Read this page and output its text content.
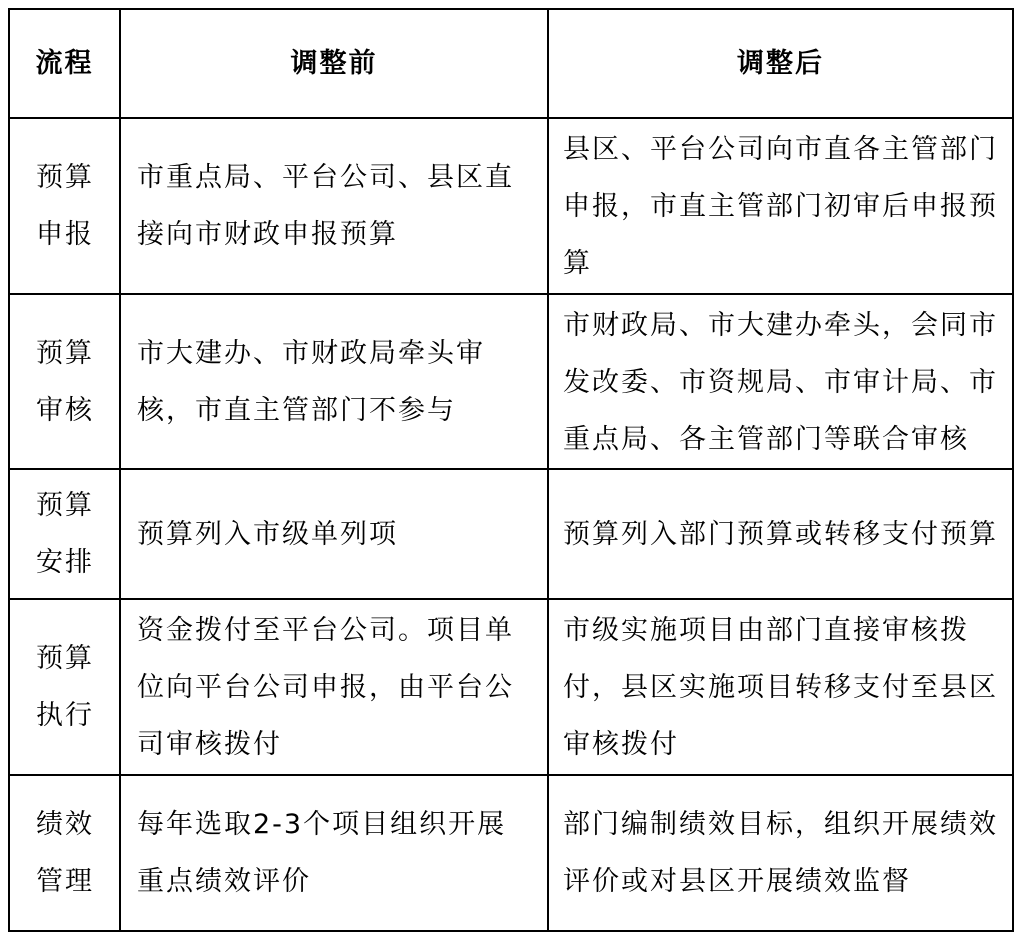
流程	调整前	调整后

预算申报	市重点局、平台公司、县区直接向市财政申报预算	县区、平台公司向市直各主管部门申报，市直主管部门初审后申报预算

预算审核	市大建办、市财政局牵头审核，市直主管部门不参与	市财政局、市大建办牵头，会同市发改委、市资规局、市审计局、市重点局、各主管部门等联合审核

预算安排	预算列入市级单列项	预算列入部门预算或转移支付预算

预算执行	资金拨付至平台公司。项目单位向平台公司申报，由平台公司审核拨付	市级实施项目由部门直接审核拨付，县区实施项目转移支付至县区审核拨付

绩效管理	每年选取2-3个项目组织开展重点绩效评价	部门编制绩效目标，组织开展绩效评价或对县区开展绩效监督
